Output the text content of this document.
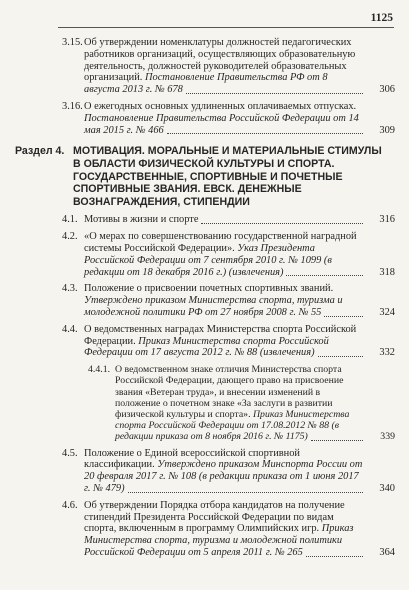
1125
3.15. Об утверждении номенклатуры должностей педагогических работников организаций, осуществляющих образовательную деятельность, должностей руководителей образовательных организаций. Постановление Правительства РФ от 8 августа 2013 г. № 678	306
3.16. О ежегодных основных удлиненных оплачиваемых отпусках. Постановление Правительства Российской Федерации от 14 мая 2015 г. № 466	309
Раздел 4. МОТИВАЦИЯ. МОРАЛЬНЫЕ И МАТЕРИАЛЬНЫЕ СТИМУЛЫ В ОБЛАСТИ ФИЗИЧЕСКОЙ КУЛЬТУРЫ И СПОРТА. ГОСУДАРСТВЕННЫЕ, СПОРТИВНЫЕ И ПОЧЕТНЫЕ СПОРТИВНЫЕ ЗВАНИЯ. ЕВСК. ДЕНЕЖНЫЕ ВОЗНАГРАЖДЕНИЯ, СТИПЕНДИИ
4.1. Мотивы в жизни и спорте	316
4.2. «О мерах по совершенствованию государственной наградной системы Российской Федерации». Указ Президента Российской Федерации от 7 сентября 2010 г. № 1099 (в редакции от 18 декабря 2016 г.) (извлечения)	318
4.3. Положение о присвоении почетных спортивных званий. Утверждено приказом Министерства спорта, туризма и молодежной политики РФ от 27 ноября 2008 г. № 55	324
4.4. О ведомственных наградах Министерства спорта Российской Федерации. Приказ Министерства спорта Российской Федерации от 17 августа 2012 г. № 88 (извлечения)	332
4.4.1. О ведомственном знаке отличия Министерства спорта Российской Федерации, дающего право на присвоение звания «Ветеран труда», и внесении изменений в положение о почетном знаке «За заслуги в развитии физической культуры и спорта». Приказ Министерства спорта Российской Федерации от 17.08.2012 № 88 (в редакции приказа от 8 ноября 2016 г. № 1175)	339
4.5. Положение о Единой всероссийской спортивной классификации. Утверждено приказом Минспорта России от 20 февраля 2017 г. № 108 (в редакции приказа от 1 июня 2017 г. № 479)	340
4.6. Об утверждении Порядка отбора кандидатов на получение стипендий Президента Российской Федерации по видам спорта, включенным в программу Олимпийских игр. Приказ Министерства спорта, туризма и молодежной политики Российской Федерации от 5 апреля 2011 г. № 265	364
